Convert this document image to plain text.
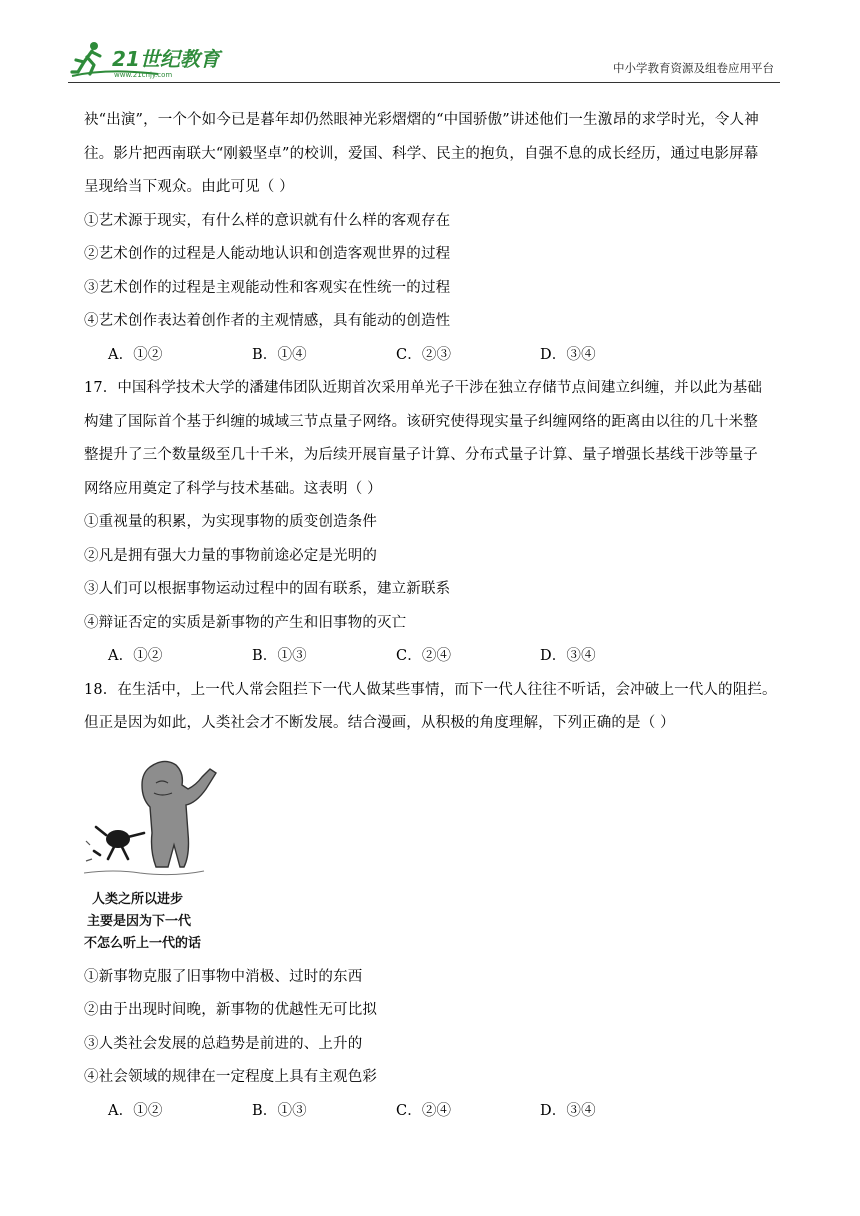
21世纪教育
www.21cnjy.com	中小学教育资源及组卷应用平台
袂“出演”，一个个如今已是暮年却仍然眼神光彩熠熠的“中国骄傲”讲述他们一生激昂的求学时光，令人神
往。影片把西南联大“刚毅坚卓”的校训，爱国、科学、民主的抱负，自强不息的成长经历，通过电影屏幕
呈现给当下观众。由此可见（ ）
①艺术源于现实，有什么样的意识就有什么样的客观存在
②艺术创作的过程是人能动地认识和创造客观世界的过程
③艺术创作的过程是主观能动性和客观实在性统一的过程
④艺术创作表达着创作者的主观情感，具有能动的创造性
A．①②	B．①④	C．②③	D．③④
17．中国科学技术大学的潘建伟团队近期首次采用单光子干涉在独立存储节点间建立纠缠，并以此为基础
构建了国际首个基于纠缠的城域三节点量子网络。该研究使得现实量子纠缠网络的距离由以往的几十米整
整提升了三个数量级至几十千米，为后续开展盲量子计算、分布式量子计算、量子增强长基线干涉等量子
网络应用奠定了科学与技术基础。这表明（ ）
①重视量的积累，为实现事物的质变创造条件
②凡是拥有强大力量的事物前途必定是光明的
③人们可以根据事物运动过程中的固有联系，建立新联系
④辩证否定的实质是新事物的产生和旧事物的灭亡
A．①②	B．①③	C．②④	D．③④
18．在生活中，上一代人常会阻拦下一代人做某些事情，而下一代人往往不听话，会冲破上一代人的阻拦。
但正是因为如此，人类社会才不断发展。结合漫画，从积极的角度理解，下列正确的是（ ）
人类之所以进步
主要是因为下一代
不怎么听上一代的话
①新事物克服了旧事物中消极、过时的东西
②由于出现时间晚，新事物的优越性无可比拟
③人类社会发展的总趋势是前进的、上升的
④社会领域的规律在一定程度上具有主观色彩
A．①②	B．①③	C．②④	D．③④
